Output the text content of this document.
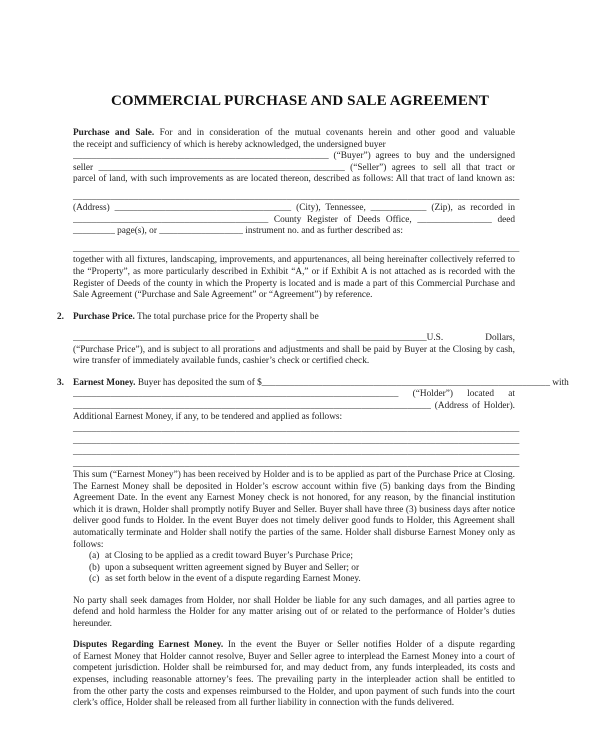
COMMERCIAL PURCHASE AND SALE AGREEMENT
Purchase and Sale. For and in consideration of the mutual covenants herein and other good and valuable
the receipt and sufficiency of which is hereby acknowledged, the undersigned buyer
_______________________________________________________ (“Buyer”) agrees to buy and the undersigned
seller _____________________________________________________ (“Seller”) agrees to sell all that tract or
parcel of land, with such improvements as are located thereon, described as follows: All that tract of land known as:
________________________________________________________________________________________________
(Address) ______________________________________ (City), Tennessee, ____________ (Zip), as recorded in
__________________________________________ County Register of Deeds Office, ________________ deed
_________ page(s), or __________________ instrument no. and as further described as:
________________________________________________________________________________________________
together with all fixtures, landscaping, improvements, and appurtenances, all being hereinafter collectively referred to
the “Property”, as more particularly described in Exhibit “A,” or if Exhibit A is not attached as is recorded with the
Register of Deeds of the county in which the Property is located and is made a part of this Commercial Purchase and
Sale Agreement (“Purchase and Sale Agreement” or “Agreement”) by reference.
2. Purchase Price. The total purchase price for the Property shall be
_______________________________________ ____________________________U.S. Dollars,
(“Purchase Price”), and is subject to all prorations and adjustments and shall be paid by Buyer at the Closing by cash,
wire transfer of immediately available funds, cashier’s check or certified check.
3. Earnest Money. Buyer has deposited the sum of $______________________________________________________________ with
______________________________________________________________________ (“Holder”) located at
_____________________________________________________________________________ (Address of Holder).
Additional Earnest Money, if any, to be tendered and applied as follows:
________________________________________________________________________________________________
________________________________________________________________________________________________
________________________________________________________________________________________________
________________________________________________________________________________________________
This sum (“Earnest Money”) has been received by Holder and is to be applied as part of the Purchase Price at Closing.
The Earnest Money shall be deposited in Holder’s escrow account within five (5) banking days from the Binding
Agreement Date. In the event any Earnest Money check is not honored, for any reason, by the financial institution
which it is drawn, Holder shall promptly notify Buyer and Seller. Buyer shall have three (3) business days after notice
deliver good funds to Holder. In the event Buyer does not timely deliver good funds to Holder, this Agreement shall
automatically terminate and Holder shall notify the parties of the same. Holder shall disburse Earnest Money only as
follows:
(a) at Closing to be applied as a credit toward Buyer’s Purchase Price;
(b) upon a subsequent written agreement signed by Buyer and Seller; or
(c) as set forth below in the event of a dispute regarding Earnest Money.
No party shall seek damages from Holder, nor shall Holder be liable for any such damages, and all parties agree to
defend and hold harmless the Holder for any matter arising out of or related to the performance of Holder’s duties
hereunder.
Disputes Regarding Earnest Money. In the event the Buyer or Seller notifies Holder of a dispute regarding
of Earnest Money that Holder cannot resolve, Buyer and Seller agree to interplead the Earnest Money into a court of
competent jurisdiction. Holder shall be reimbursed for, and may deduct from, any funds interpleaded, its costs and
expenses, including reasonable attorney’s fees. The prevailing party in the interpleader action shall be entitled to
from the other party the costs and expenses reimbursed to the Holder, and upon payment of such funds into the court
clerk’s office, Holder shall be released from all further liability in connection with the funds delivered.
